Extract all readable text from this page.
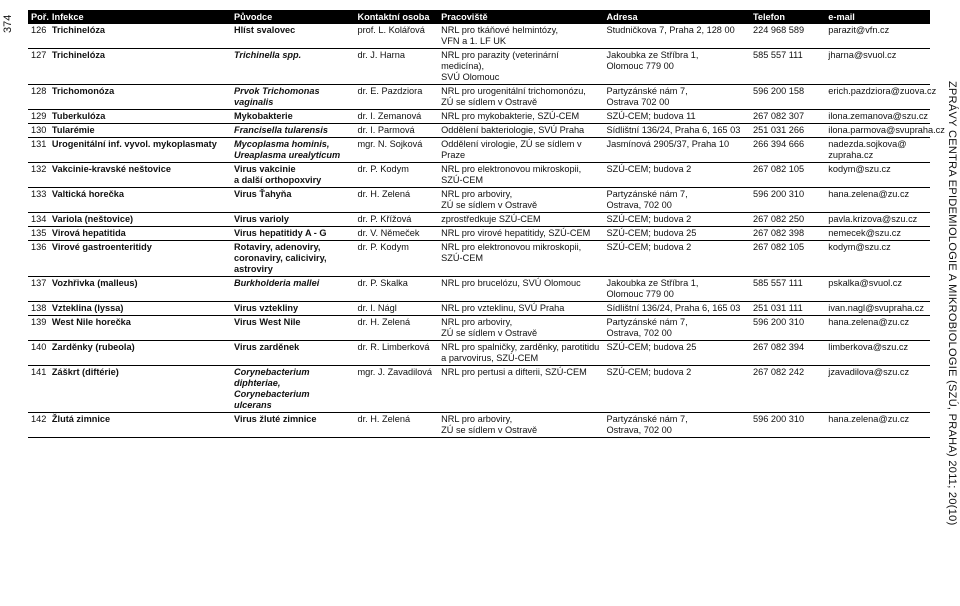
374
ZPRÁVY CENTRA EPIDEMIOLOGIE A MIKROBIOLOGIE (SZÚ, PRAHA) 2011; 20(10)
Poř.	Infekce	Původce	Kontaktní osoba	Pracoviště	Adresa	Telefon	e-mail
126	Trichinelóza	Hlíst svalovec	prof. L. Kolářová	NRL pro tkáňové helmintózy,
VFN a 1. LF UK	Studničkova 7, Praha 2, 128 00	224 968 589	parazit@vfn.cz
127	Trichinelóza	Trichinella spp.	dr. J. Harna	NRL pro parazity (veterinární medicína),
SVÚ Olomouc	Jakoubka ze Stříbra 1,
Olomouc 779 00	585 557 111	jharna@svuol.cz
128	Trichomonóza	Prvok Trichomonas
vaginalis	dr. E. Pazdziora	NRL pro urogenitální trichomonózu,
ZÚ se sídlem v Ostravě	Partyzánské nám 7,
Ostrava 702 00	596 200 158	erich.pazdziora@zuova.cz
129	Tuberkulóza	Mykobakterie	dr. I. Zemanová	NRL pro mykobakterie, SZÚ-CEM	SZÚ-CEM; budova 11	267 082 307	ilona.zemanova@szu.cz
130	Tularémie	Francisella tularensis	dr. I. Parmová	Oddělení bakteriologie, SVÚ Praha	Sídlištní 136/24, Praha 6, 165 03	251 031 266	ilona.parmova@svupraha.cz
131	Urogenitální inf. vyvol. mykoplasmaty	Mycoplasma hominis,
Ureaplasma urealyticum	mgr. N. Sojková	Oddělení virologie, ZÚ se sídlem v Praze	Jasmínová 2905/37, Praha 10	266 394 666	nadezda.sojkova@
zupraha.cz
132	Vakcinie-kravské neštovice	Virus vakcinie
a další orthopoxviry	dr. P. Kodym	NRL pro elektronovou mikroskopii,
SZÚ-CEM	SZÚ-CEM; budova 2	267 082 105	kodym@szu.cz
133	Valtická horečka	Virus Ťahyňa	dr. H. Zelená	NRL pro arboviry,
ZÚ se sídlem v Ostravě	Partyzánské nám 7,
Ostrava, 702 00	596 200 310	hana.zelena@zu.cz
134	Variola (neštovice)	Virus varioly	dr. P. Křížová	zprostředkuje SZÚ-CEM	SZÚ-CEM; budova 2	267 082 250	pavla.krizova@szu.cz
135	Virová hepatitida	Virus hepatitidy A - G	dr. V. Němeček	NRL pro virové hepatitidy, SZÚ-CEM	SZÚ-CEM; budova 25	267 082 398	nemecek@szu.cz
136	Virové gastroenteritidy	Rotaviry, adenoviry,
coronaviry, caliciviry,
astroviry	dr. P. Kodym	NRL pro elektronovou mikroskopii,
SZÚ-CEM	SZÚ-CEM; budova 2	267 082 105	kodym@szu.cz
137	Vozhřivka (malleus)	Burkholderia mallei	dr. P. Skalka	NRL pro brucelózu, SVÚ Olomouc	Jakoubka ze Stříbra 1,
Olomouc 779 00	585 557 111	pskalka@svuol.cz
138	Vzteklina (lyssa)	Virus vztekliny	dr. I. Nágl	NRL pro vzteklinu, SVÚ Praha	Sídlištní 136/24, Praha 6, 165 03	251 031 111	ivan.nagl@svupraha.cz
139	West Nile horečka	Virus West Nile	dr. H. Zelená	NRL pro arboviry,
ZÚ se sídlem v Ostravě	Partyzánské nám 7,
Ostrava, 702 00	596 200 310	hana.zelena@zu.cz
140	Zarděnky (rubeola)	Virus zarděnek	dr. R. Limberková	NRL pro spalničky, zarděnky, parotitidu
a parvovirus, SZÚ-CEM	SZÚ-CEM; budova 25	267 082 394	limberkova@szu.cz
141	Záškrt (diftérie)	Corynebacterium
diphteriae,
Corynebacterium
ulcerans	mgr. J. Zavadilová	NRL pro pertusi a difterii, SZÚ-CEM	SZÚ-CEM; budova 2	267 082 242	jzavadilova@szu.cz
142	Žlutá zimnice	Virus žluté zimnice	dr. H. Zelená	NRL pro arboviry,
ZÚ se sídlem v Ostravě	Partyzánské nám 7,
Ostrava, 702 00	596 200 310	hana.zelena@zu.cz
